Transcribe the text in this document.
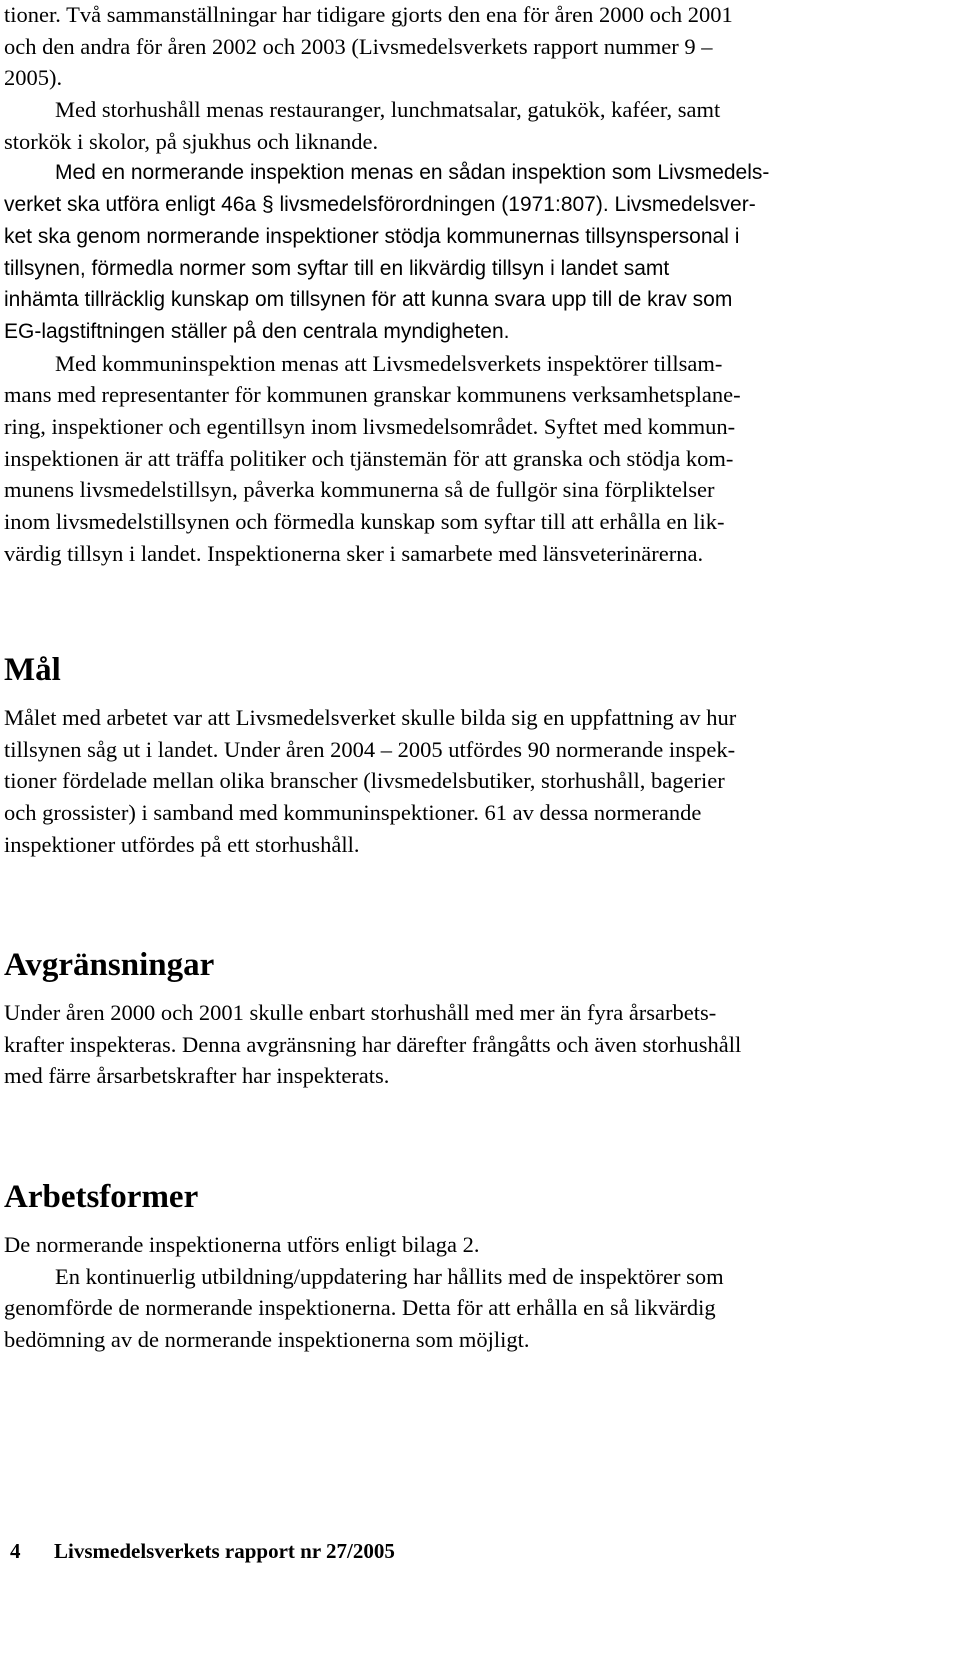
tioner. Två sammanställningar har tidigare gjorts den ena för åren 2000 och 2001
och den andra för åren 2002 och 2003 (Livsmedelsverkets rapport nummer 9 –
2005).
Med storhushåll menas restauranger, lunchmatsalar, gatukök, kaféer, samt
storkök i skolor, på sjukhus och liknande.
Med en normerande inspektion menas en sådan inspektion som Livsmedels-
verket ska utföra enligt 46a § livsmedelsförordningen (1971:807). Livsmedelsver-
ket ska genom normerande inspektioner stödja kommunernas tillsynspersonal i
tillsynen, förmedla normer som syftar till en likvärdig tillsyn i landet samt
inhämta tillräcklig kunskap om tillsynen för att kunna svara upp till de krav som
EG-lagstiftningen ställer på den centrala myndigheten.
Med kommuninspektion menas att Livsmedelsverkets inspektörer tillsam-
mans med representanter för kommunen granskar kommunens verksamhetsplane-
ring, inspektioner och egentillsyn inom livsmedelsområdet. Syftet med kommun-
inspektionen är att träffa politiker och tjänstemän för att granska och stödja kom-
munens livsmedelstillsyn, påverka kommunerna så de fullgör sina förpliktelser
inom livsmedelstillsynen och förmedla kunskap som syftar till att erhålla en lik-
värdig tillsyn i landet. Inspektionerna sker i samarbete med länsveterinärerna.
Mål
Målet med arbetet var att Livsmedelsverket skulle bilda sig en uppfattning av hur
tillsynen såg ut i landet. Under åren 2004 – 2005 utfördes 90 normerande inspek-
tioner fördelade mellan olika branscher (livsmedelsbutiker, storhushåll, bagerier
och grossister) i samband med kommuninspektioner. 61 av dessa normerande
inspektioner utfördes på ett storhushåll.
Avgränsningar
Under åren 2000 och 2001 skulle enbart storhushåll med mer än fyra årsarbets-
krafter inspekteras. Denna avgränsning har därefter frångåtts och även storhushåll
med färre årsarbetskrafter har inspekterats.
Arbetsformer
De normerande inspektionerna utförs enligt bilaga 2.
En kontinuerlig utbildning/uppdatering har hållits med de inspektörer som
genomförde de normerande inspektionerna. Detta för att erhålla en så likvärdig
bedömning av de normerande inspektionerna som möjligt.
4 Livsmedelsverkets rapport nr 27/2005
